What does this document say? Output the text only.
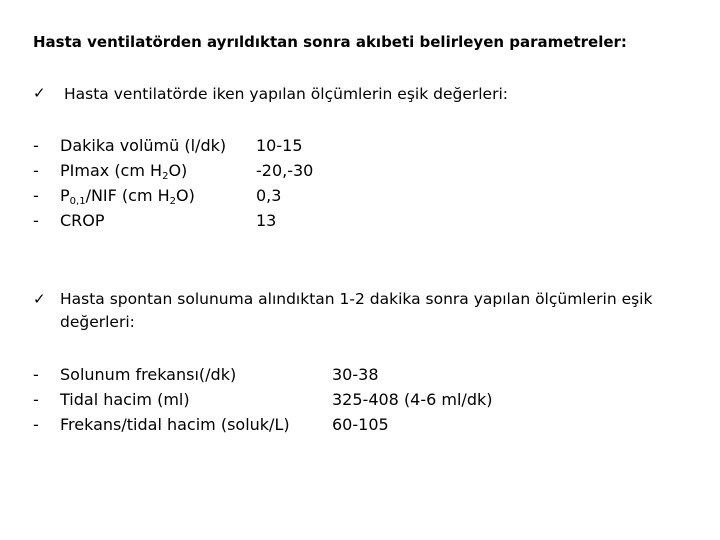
Hasta ventilatörden ayrıldıktan sonra akıbeti belirleyen parametreler:
✓ Hasta ventilatörde iken yapılan ölçümlerin eşik değerleri:
- Dakika volümü (l/dk) 10-15
- PImax (cm $H_2O$)	-20,-30
- $P_{0,1}$/NIF (cm $H_2O$)	0,3
- CROP	13
✓ Hasta spontan solunuma alındıktan 1-2 dakika sonra yapılan ölçümlerin eşik
değerleri:
- Solunum frekansı(/dk)	30-38
- Tidal hacim (ml)	325-408 (4-6 ml/dk)
- Frekans/tidal hacim (soluk/L)	60-105
